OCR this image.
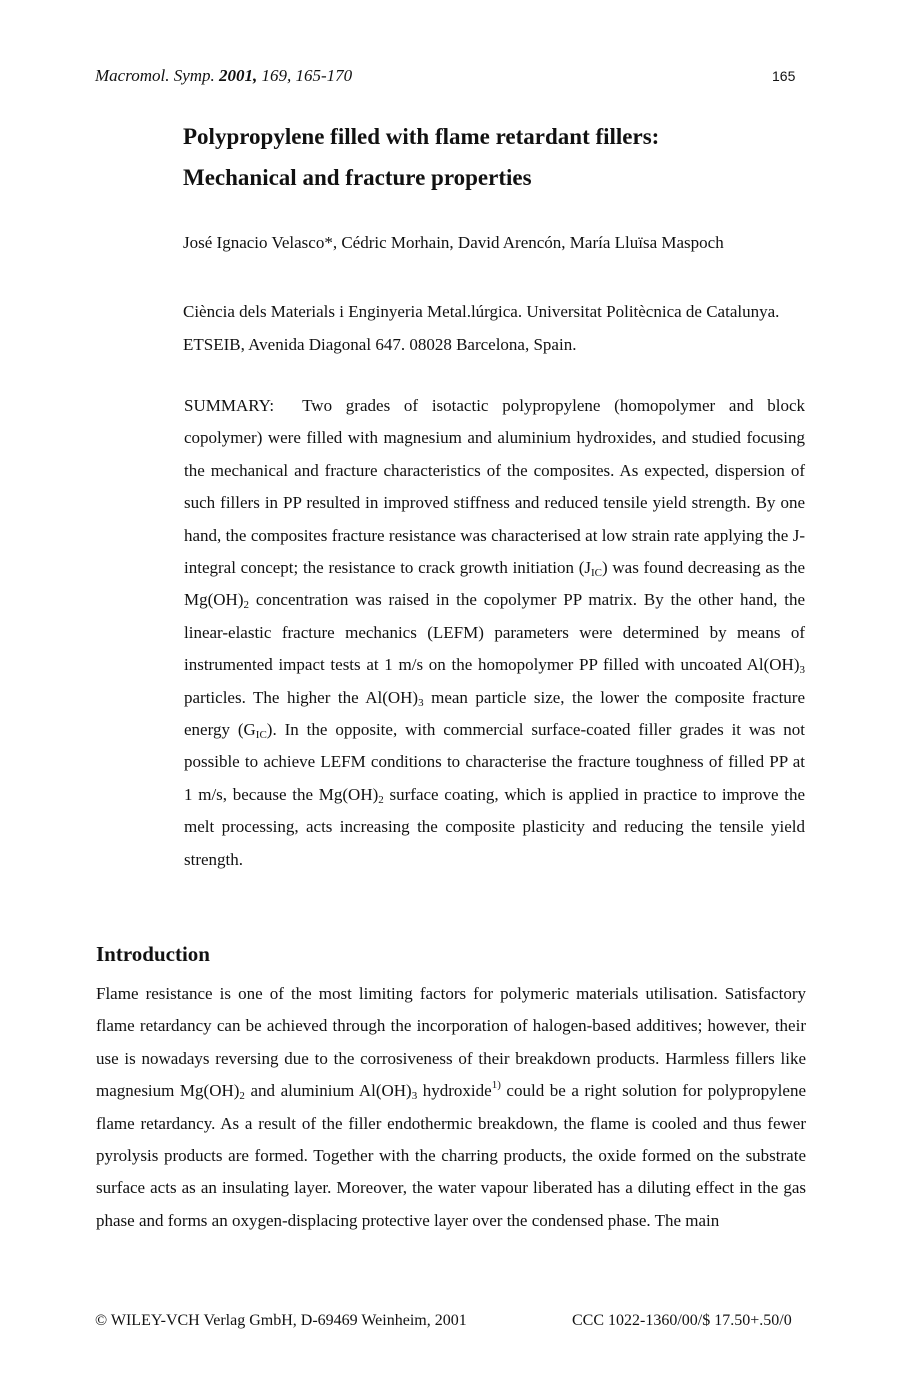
Macromol. Symp. 2001, 169, 165-170	165
Polypropylene filled with flame retardant fillers:
Mechanical and fracture properties
José Ignacio Velasco*, Cédric Morhain, David Arencón, María Lluïsa Maspoch
Ciència dels Materials i Enginyeria Metal.lúrgica. Universitat Politècnica de Catalunya. ETSEIB, Avenida Diagonal 647. 08028 Barcelona, Spain.

SUMMARY: Two grades of isotactic polypropylene (homopolymer and block copolymer) were filled with magnesium and aluminium hydroxides, and studied focusing the mechanical and fracture characteristics of the composites. As expected, dispersion of such fillers in PP resulted in improved stiffness and reduced tensile yield strength. By one hand, the composites fracture resistance was characterised at low strain rate applying the J-integral concept; the resistance to crack growth initiation $(J_{IC})$ was found decreasing as the $Mg(OH)_2$ concentration was raised in the copolymer PP matrix. By the other hand, the linear-elastic fracture mechanics (LEFM) parameters were determined by means of instrumented impact tests at 1 m/s on the homopolymer PP filled with uncoated $Al(OH)_3$ particles. The higher the $Al(OH)_3$ mean particle size, the lower the composite fracture energy $(G_{IC})$. In the opposite, with commercial surface-coated filler grades it was not possible to achieve LEFM conditions to characterise the fracture toughness of filled PP at 1 m/s, because the $Mg(OH)_2$ surface coating, which is applied in practice to improve the melt processing, acts increasing the composite plasticity and reducing the tensile yield strength.

Introduction

Flame resistance is one of the most limiting factors for polymeric materials utilisation. Satisfactory flame retardancy can be achieved through the incorporation of halogen-based additives; however, their use is nowadays reversing due to the corrosiveness of their breakdown products. Harmless fillers like magnesium $Mg(OH)_2$ and aluminium $Al(OH)_3$ hydroxide$^{1)}$ could be a right solution for polypropylene flame retardancy. As a result of the filler endothermic breakdown, the flame is cooled and thus fewer pyrolysis products are formed. Together with the charring products, the oxide formed on the substrate surface acts as an insulating layer. Moreover, the water vapour liberated has a diluting effect in the gas phase and forms an oxygen-displacing protective layer over the condensed phase. The main

© WILEY-VCH Verlag GmbH, D-69469 Weinheim, 2001	CCC 1022-1360/00/$ 17.50+.50/0
